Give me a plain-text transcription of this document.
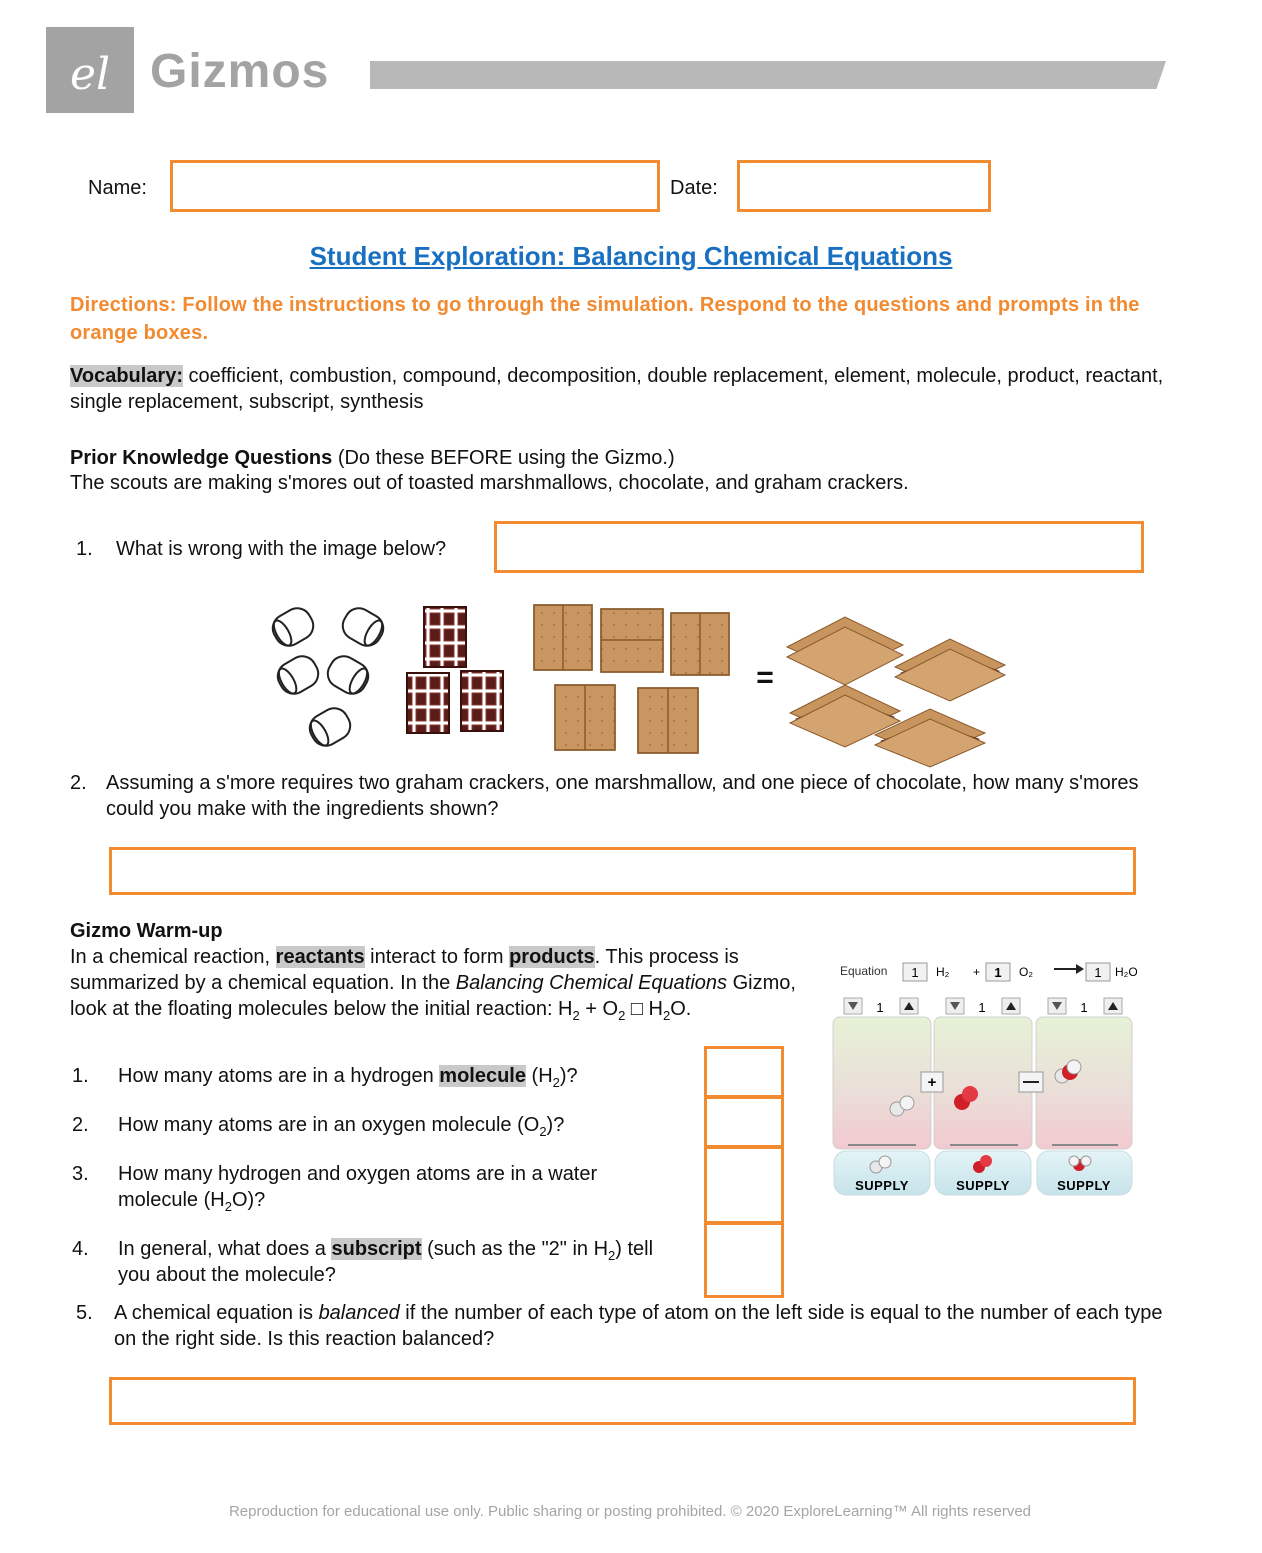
el Gizmos
Name:	Date:
Student Exploration: Balancing Chemical Equations
Directions: Follow the instructions to go through the simulation. Respond to the questions and prompts in the orange boxes.
Vocabulary: coefficient, combustion, compound, decomposition, double replacement, element, molecule, product, reactant, single replacement, subscript, synthesis
Prior Knowledge Questions (Do these BEFORE using the Gizmo.)
The scouts are making s'mores out of toasted marshmallows, chocolate, and graham crackers.
1. What is wrong with the image below?
=
2. Assuming a s'more requires two graham crackers, one marshmallow, and one piece of chocolate, how many s'mores could you make with the ingredients shown?
Gizmo Warm-up
In a chemical reaction, reactants interact to form products. This process is summarized by a chemical equation. In the Balancing Chemical Equations Gizmo, look at the floating molecules below the initial reaction: $H_2 + O_2$ □ $H_2O$.
1. How many atoms are in a hydrogen molecule $(H_2)$?
2. How many atoms are in an oxygen molecule $(O_2)$?
3. How many hydrogen and oxygen atoms are in a water molecule $(H_2O)$?
4. In general, what does a subscript (such as the "2" in $H_2$) tell you about the molecule?
Equation 1 H₂ + 1 O₂	1 H₂O
1	1	1
+
SUPPLY	SUPPLY	SUPPLY
5. A chemical equation is balanced if the number of each type of atom on the left side is equal to the number of each type on the right side. Is this reaction balanced?
Reproduction for educational use only. Public sharing or posting prohibited. © 2020 ExploreLearning™ All rights reserved
